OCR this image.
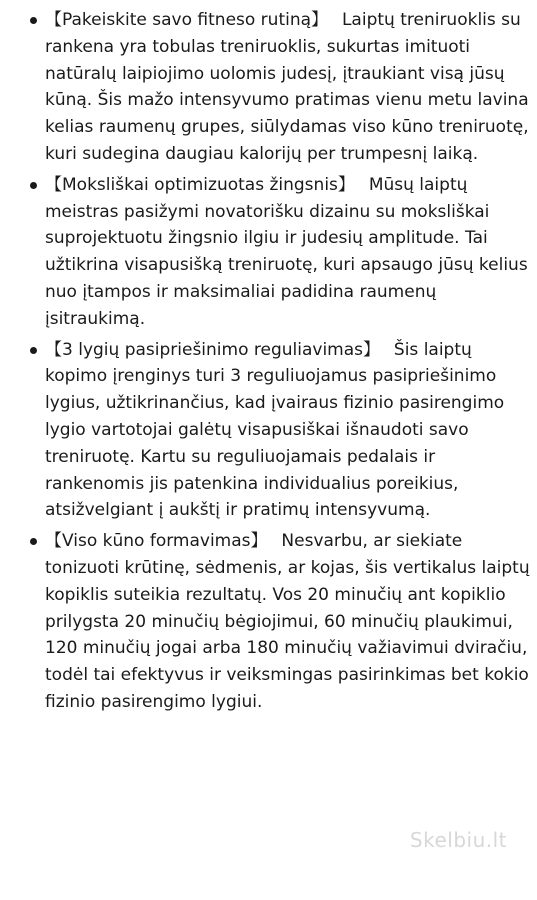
【Pakeiskite savo fitneso rutiną】  Laiptų treniruoklis su rankena yra tobulas treniruoklis, sukurtas imituoti natūralų laipiojimo uolomis judesį, įtraukiant visą jūsų kūną. Šis mažo intensyvumo pratimas vienu metu lavina kelias raumenų grupes, siūlydamas viso kūno treniruotę, kuri sudegina daugiau kalorijų per trumpesnį laiką.
【Moksliškai optimizuotas žingsnis】  Mūsų laiptų meistras pasižymi novatorišku dizainu su moksliškai suprojektuotu žingsnio ilgiu ir judesių amplitude. Tai užtikrina visapusišką treniruotę, kuri apsaugo jūsų kelius nuo įtampos ir maksimaliai padidina raumenų įsitraukimą.
【3 lygių pasipriešinimo reguliavimas】  Šis laiptų kopimo įrenginys turi 3 reguliuojamus pasipriešinimo lygius, užtikrinančius, kad įvairaus fizinio pasirengimo lygio vartotojai galėtų visapusiškai išnaudoti savo treniruotę. Kartu su reguliuojamais pedalais ir rankenomis jis patenkina individualius poreikius, atsižvelgiant į aukštį ir pratimų intensyvumą.
【Viso kūno formavimas】  Nesvarbu, ar siekiate tonizuoti krūtinę, sėdmenis, ar kojas, šis vertikalus laiptų kopiklis suteikia rezultatų. Vos 20 minučių ant kopiklio prilygsta 20 minučių bėgiojimui, 60 minučių plaukimui, 120 minučių jogai arba 180 minučių važiavimui dviračiu, todėl tai efektyvus ir veiksmingas pasirinkimas bet kokio fizinio pasirengimo lygiui.
Skelbiu.lt
